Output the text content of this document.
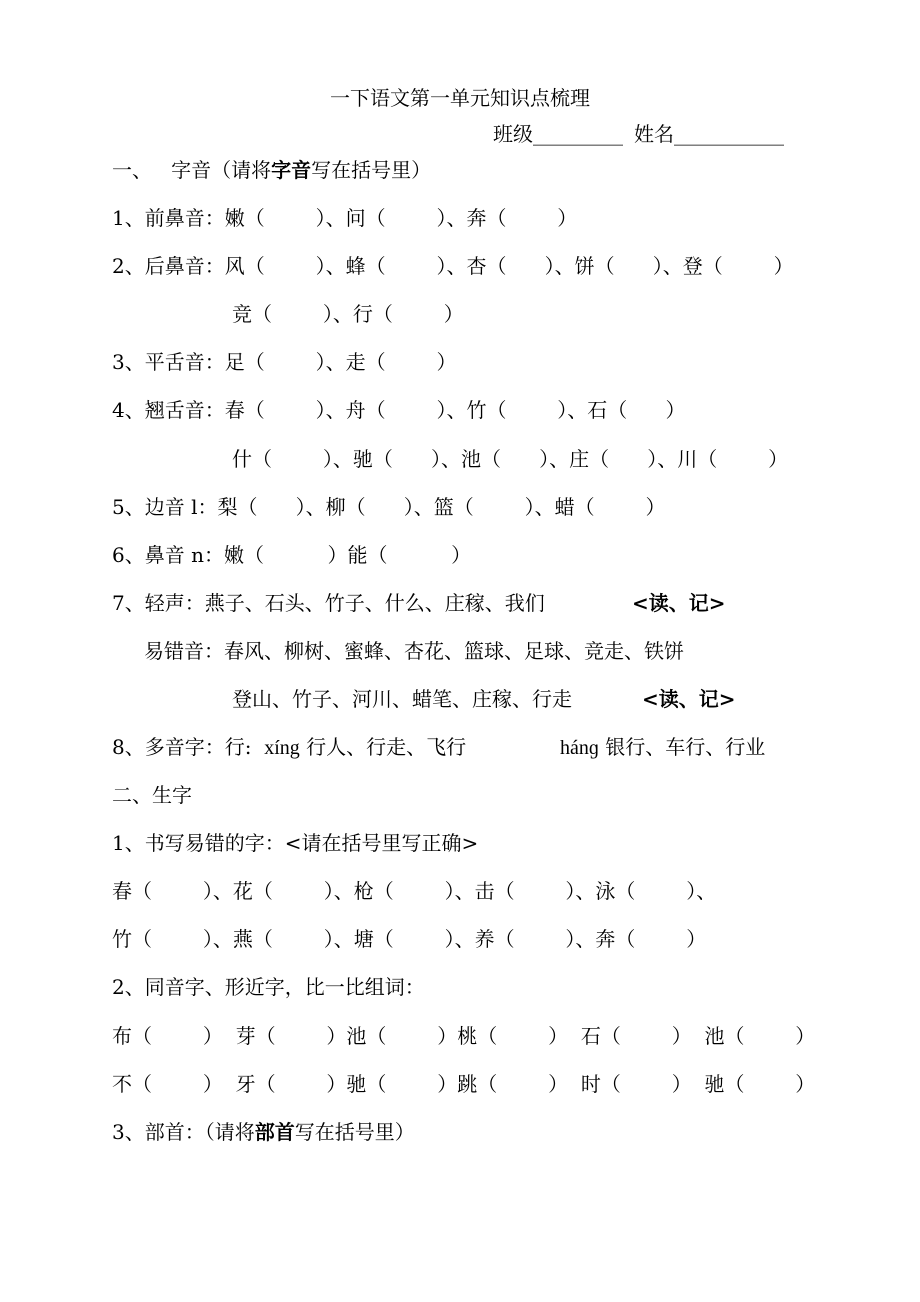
一下语文第一单元知识点梳理
班级_________ 姓名___________
一、   字音（请将字音写在括号里）
1、前鼻音：嫩（        ）、问（        ）、奔（        ）
2、后鼻音：风（        ）、蜂（        ）、杏（      ）、饼（      ）、登（        ）
竞（        ）、行（        ）
3、平舌音：足（        ）、走（        ）
4、翘舌音：春（        ）、舟（        ）、竹（        ）、石（      ）
什（        ）、驰（      ）、池（      ）、庄（      ）、川（        ）
5、边音 l：梨（      ）、柳（      ）、篮（        ）、蜡（        ）
6、鼻音 n：嫩（          ）能（          ）
7、轻声：燕子、石头、竹子、什么、庄稼、我们	<读、记>
易错音：春风、柳树、蜜蜂、杏花、篮球、足球、竞走、铁饼
登山、竹子、河川、蜡笔、庄稼、行走	<读、记>
8、多音字：行:  xíng 行人、行走、飞行	hánɡ 银行、车行、行业
二、生字
1、书写易错的字：<请在括号里写正确>
春（        ）、花（        ）、枪（        ）、击（        ）、泳（        ）、
竹（        ）、燕（        ）、塘（        ）、养（        ）、奔（        ）
2、同音字、形近字，比一比组词：
布（        ）  芽（        ）池（        ）桃（        ）  石（        ）  池（        ）
不（        ）  牙（        ）驰（        ）跳（        ）  时（        ）  驰（        ）
3、部首：（请将部首写在括号里）
